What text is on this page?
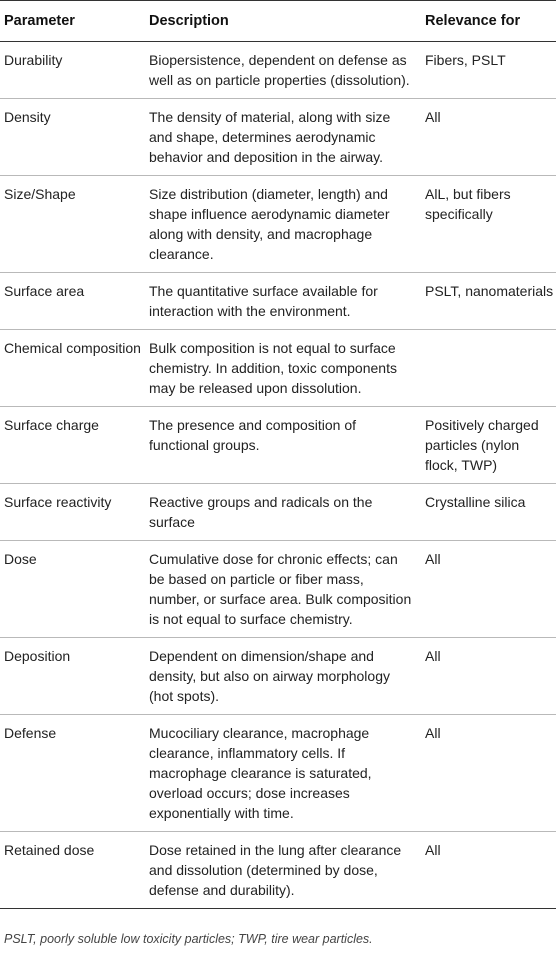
Parameter	Description	Relevance for
Durability	Biopersistence, dependent on defense as well as on particle properties (dissolution).	Fibers, PSLT
Density	The density of material, along with size and shape, determines aerodynamic behavior and deposition in the airway.	All
Size/Shape	Size distribution (diameter, length) and shape influence aerodynamic diameter along with density, and macrophage clearance.	AlL, but fibers specifically
Surface area	The quantitative surface available for interaction with the environment.	PSLT, nanomaterials
Chemical composition	Bulk composition is not equal to surface chemistry. In addition, toxic components may be released upon dissolution.	
Surface charge	The presence and composition of functional groups.	Positively charged particles (nylon flock, TWP)
Surface reactivity	Reactive groups and radicals on the surface	Crystalline silica
Dose	Cumulative dose for chronic effects; can be based on particle or fiber mass, number, or surface area. Bulk composition is not equal to surface chemistry.	All
Deposition	Dependent on dimension/shape and density, but also on airway morphology (hot spots).	All
Defense	Mucociliary clearance, macrophage clearance, inflammatory cells. If macrophage clearance is saturated, overload occurs; dose increases exponentially with time.	All
Retained dose	Dose retained in the lung after clearance and dissolution (determined by dose, defense and durability).	All
PSLT, poorly soluble low toxicity particles; TWP, tire wear particles.
